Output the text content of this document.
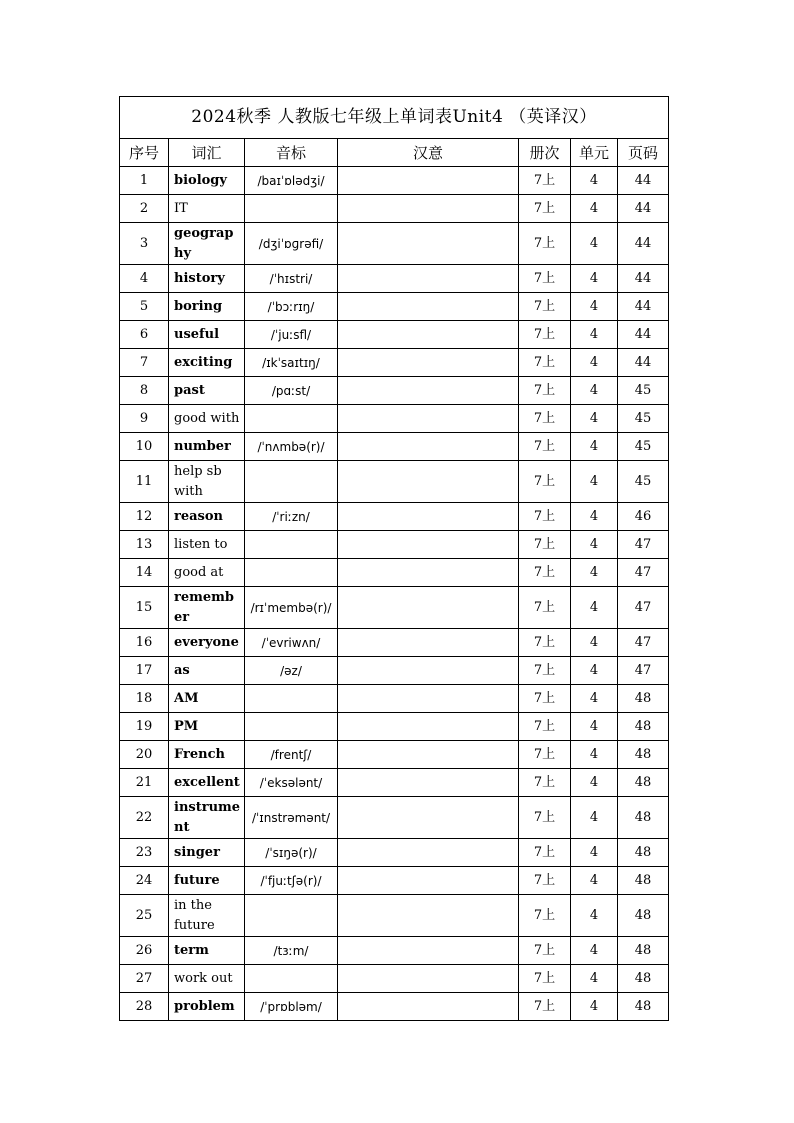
2024秋季 人教版七年级上单词表Unit4 （英译汉）
序号	词汇	音标	汉意	册次	单元	页码
1	biology	/baɪˈɒlədʒi/		7上	4	44
2	IT			7上	4	44
3	geography	/dʒiˈɒɡrəfi/		7上	4	44
4	history	/ˈhɪstri/		7上	4	44
5	boring	/ˈbɔːrɪŋ/		7上	4	44
6	useful	/ˈjuːsfl/		7上	4	44
7	exciting	/ɪkˈsaɪtɪŋ/		7上	4	44
8	past	/pɑːst/		7上	4	45
9	good with			7上	4	45
10	number	/ˈnʌmbə(r)/		7上	4	45
11	help sb with			7上	4	45
12	reason	/ˈriːzn/		7上	4	46
13	listen to			7上	4	47
14	good at			7上	4	47
15	remember	/rɪˈmembə(r)/		7上	4	47
16	everyone	/ˈevriwʌn/		7上	4	47
17	as	/əz/		7上	4	47
18	AM			7上	4	48
19	PM			7上	4	48
20	French	/frentʃ/		7上	4	48
21	excellent	/ˈeksələnt/		7上	4	48
22	instrument	/ˈɪnstrəmənt/		7上	4	48
23	singer	/ˈsɪŋə(r)/		7上	4	48
24	future	/ˈfjuːtʃə(r)/		7上	4	48
25	in the future			7上	4	48
26	term	/tɜːm/		7上	4	48
27	work out			7上	4	48
28	problem	/ˈprɒbləm/		7上	4	48
